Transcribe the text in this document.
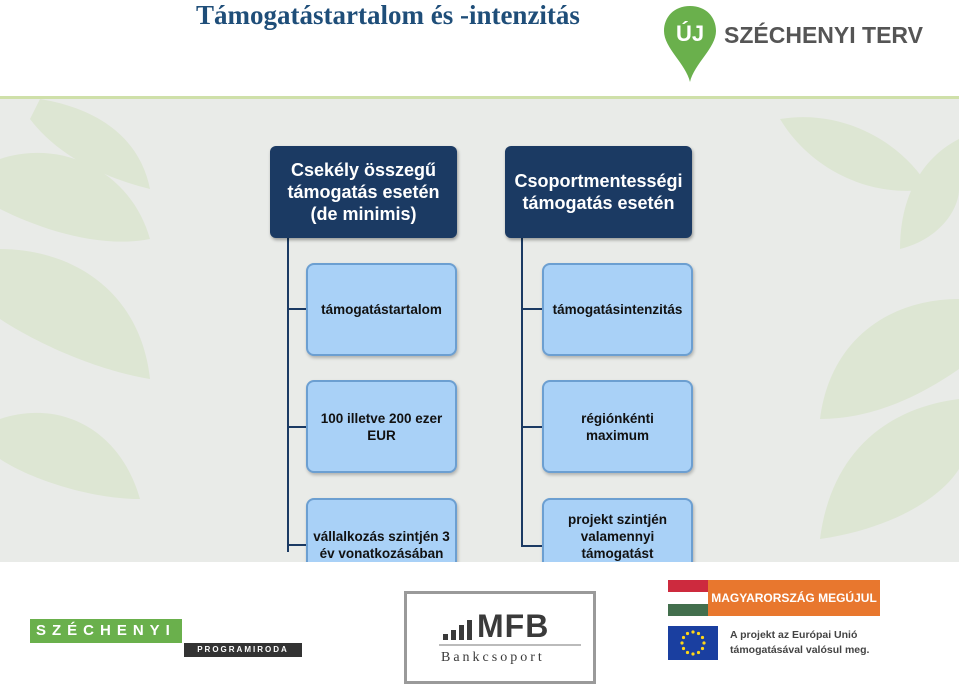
Támogatástartalom és -intenzitás
ÚJ SZÉCHENYI TERV
Csekély összegű támogatás esetén (de minimis)
támogatástartalom
100 illetve 200 ezer EUR
vállalkozás szintjén 3 év vonatkozásában
Csoportmentességi támogatás esetén
támogatásintenzitás
régiónkénti maximum
projekt szintjén valamennyi támogatást
SZÉCHENYI
PROGRAMIRODA
MFB
Bankcsoport
MAGYARORSZÁG MEGÚJUL
A projekt az Európai Unió
támogatásával valósul meg.
